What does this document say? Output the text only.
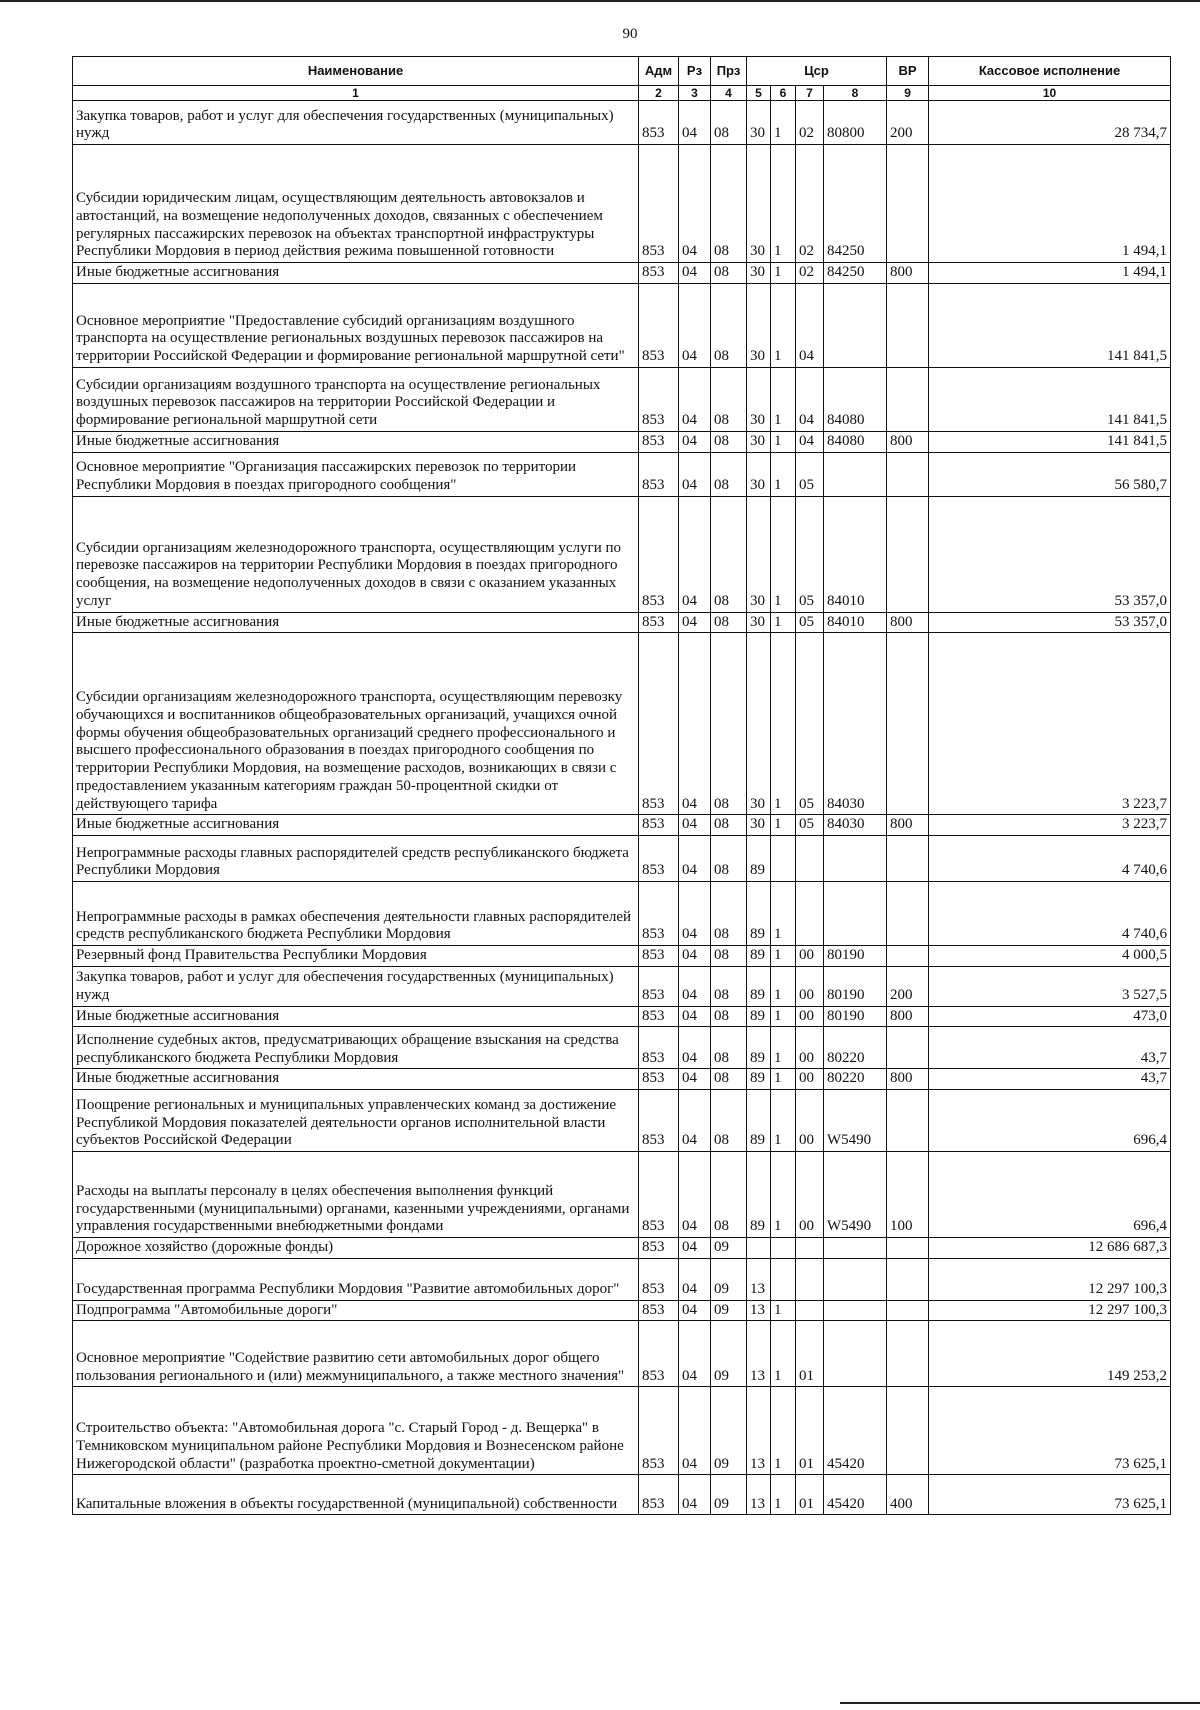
90
Наименование	Адм	Рз	Прз	Цср				ВР	Кассовое исполнение
1	2	3	4	5	6	7	8	9	10
Закупка товаров, работ и услуг для обеспечения государственных (муниципальных) нужд	853	04	08	30	1	02	80800	200	28 734,7
Субсидии юридическим лицам, осуществляющим деятельность автовокзалов и автостанций, на возмещение недополученных доходов, связанных с обеспечением регулярных пассажирских перевозок на объектах транспортной инфраструктуры Республики Мордовия в период действия режима повышенной готовности	853	04	08	30	1	02	84250		1 494,1
Иные бюджетные ассигнования	853	04	08	30	1	02	84250	800	1 494,1
Основное мероприятие "Предоставление субсидий организациям воздушного транспорта на осуществление региональных воздушных перевозок пассажиров на территории Российской Федерации и формирование региональной маршрутной сети"	853	04	08	30	1	04			141 841,5
Субсидии организациям воздушного транспорта на осуществление региональных воздушных перевозок пассажиров на территории Российской Федерации и формирование региональной маршрутной сети	853	04	08	30	1	04	84080		141 841,5
Иные бюджетные ассигнования	853	04	08	30	1	04	84080	800	141 841,5
Основное мероприятие "Организация пассажирских перевозок по территории Республики Мордовия в поездах пригородного сообщения"	853	04	08	30	1	05			56 580,7
Субсидии организациям железнодорожного транспорта, осуществляющим услуги по перевозке пассажиров на территории Республики Мордовия в поездах пригородного сообщения, на возмещение недополученных доходов в связи с оказанием указанных услуг	853	04	08	30	1	05	84010		53 357,0
Иные бюджетные ассигнования	853	04	08	30	1	05	84010	800	53 357,0
Субсидии организациям железнодорожного транспорта, осуществляющим перевозку обучающихся и воспитанников общеобразовательных организаций, учащихся очной формы обучения общеобразовательных организаций среднего профессионального и высшего профессионального образования в поездах пригородного сообщения по территории Республики Мордовия, на возмещение расходов, возникающих в связи с предоставлением указанным категориям граждан 50-процентной скидки от действующего тарифа	853	04	08	30	1	05	84030		3 223,7
Иные бюджетные ассигнования	853	04	08	30	1	05	84030	800	3 223,7
Непрограммные расходы главных распорядителей средств республиканского бюджета Республики Мордовия	853	04	08	89					4 740,6
Непрограммные расходы в рамках обеспечения деятельности главных распорядителей средств республиканского бюджета Республики Мордовия	853	04	08	89	1				4 740,6
Резервный фонд Правительства Республики Мордовия	853	04	08	89	1	00	80190		4 000,5
Закупка товаров, работ и услуг для обеспечения государственных (муниципальных) нужд	853	04	08	89	1	00	80190	200	3 527,5
Иные бюджетные ассигнования	853	04	08	89	1	00	80190	800	473,0
Исполнение судебных актов, предусматривающих обращение взыскания на средства республиканского бюджета Республики Мордовия	853	04	08	89	1	00	80220		43,7
Иные бюджетные ассигнования	853	04	08	89	1	00	80220	800	43,7
Поощрение региональных и муниципальных управленческих команд за достижение Республикой Мордовия показателей деятельности органов исполнительной власти субъектов Российской Федерации	853	04	08	89	1	00	W5490		696,4
Расходы на выплаты персоналу в целях обеспечения выполнения функций государственными (муниципальными) органами, казенными учреждениями, органами управления государственными внебюджетными фондами	853	04	08	89	1	00	W5490	100	696,4
Дорожное хозяйство (дорожные фонды)	853	04	09						12 686 687,3
Государственная программа Республики Мордовия "Развитие автомобильных дорог"	853	04	09	13					12 297 100,3
Подпрограмма "Автомобильные дороги"	853	04	09	13	1				12 297 100,3
Основное мероприятие "Содействие развитию сети автомобильных дорог общего пользования регионального и (или) межмуниципального, а также местного значения"	853	04	09	13	1	01			149 253,2
Строительство объекта: "Автомобильная дорога "с. Старый Город - д. Вещерка" в Темниковском муниципальном районе Республики Мордовия и Вознесенском районе Нижегородской области" (разработка проектно-сметной документации)	853	04	09	13	1	01	45420		73 625,1
Капитальные вложения в объекты государственной (муниципальной) собственности	853	04	09	13	1	01	45420	400	73 625,1
